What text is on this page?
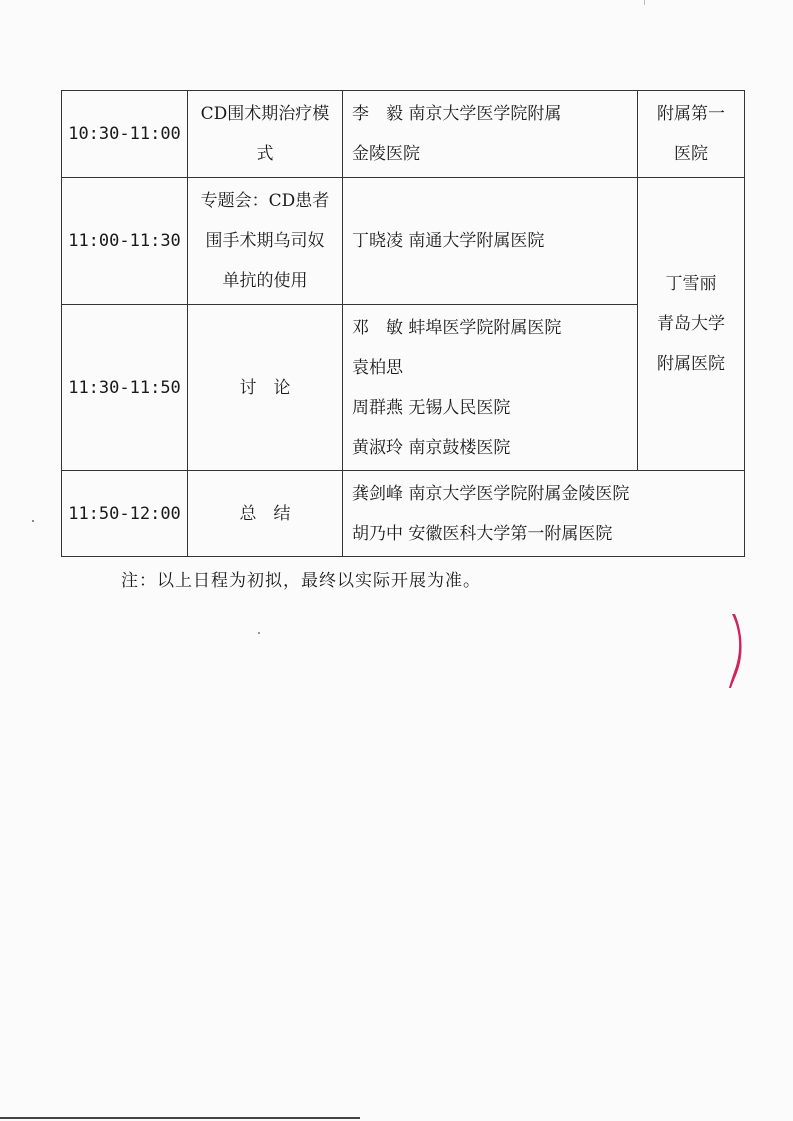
10:30-11:00	CD围术期治疗模
式	李　毅 南京大学医学院附属
金陵医院	附属第一
医院

11:00-11:30	专题会：CD患者
围手术期乌司奴
单抗的使用	丁晓凌 南通大学附属医院	丁雪丽
青岛大学
附属医院

11:30-11:50	讨　论	邓　敏 蚌埠医学院附属医院
袁柏思
周群燕 无锡人民医院
黄淑玲 南京鼓楼医院	

11:50-12:00	总　结	龚剑峰 南京大学医学院附属金陵医院
胡乃中 安徽医科大学第一附属医院	
注：以上日程为初拟，最终以实际开展为准。
